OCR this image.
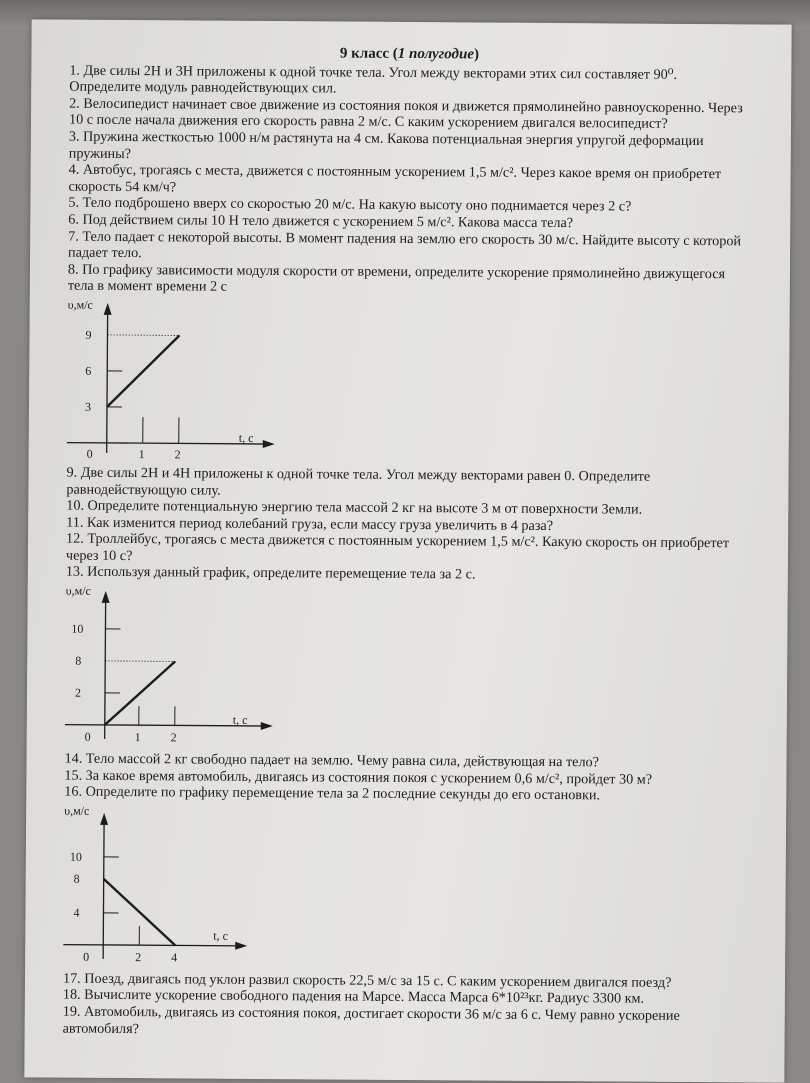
9 класс (1 полугодие)

1. Две силы 2Н и 3Н приложены к одной точке тела. Угол между векторами этих сил составляет 90⁰. Определите модуль равнодействующих сил.

2. Велосипедист начинает свое движение из состояния покоя и движется прямолинейно равноускоренно. Через 10 с после начала движения его скорость равна 2 м/с. С каким ускорением двигался велосипедист?

3. Пружина жесткостью 1000 н/м растянута на 4 см. Какова потенциальная энергия упругой деформации пружины?

4. Автобус, трогаясь с места, движется с постоянным ускорением 1,5 м/с². Через какое время он приобретет скорость 54 км/ч?

5. Тело подброшено вверх со скоростью 20 м/с. На какую высоту оно поднимается через 2 с?

6. Под действием силы 10 Н тело движется с ускорением 5 м/с². Какова масса тела?

7. Тело падает с некоторой высоты. В момент падения на землю его скорость 30 м/с. Найдите высоту с которой падает тело.

8. По графику зависимости модуля скорости от времени, определите ускорение прямолинейно движущегося тела в момент времени 2 с

υ,м/с
9
6
3
0	1 2
t, с

9. Две силы 2Н и 4Н приложены к одной точке тела. Угол между векторами равен 0. Определите равнодействующую силу.

10. Определите потенциальную энергию тела массой 2 кг на высоте 3 м от поверхности Земли.

11. Как изменится период колебаний груза, если массу груза увеличить в 4 раза?

12. Троллейбус, трогаясь с места движется с постоянным ускорением 1,5 м/с². Какую скорость он приобретет через 10 с?

13. Используя данный график, определите перемещение тела за 2 с.

υ,м/с
10
8
2
0	1 2
t, с

14. Тело массой 2 кг свободно падает на землю. Чему равна сила, действующая на тело?

15. За какое время автомобиль, двигаясь из состояния покоя с ускорением 0,6 м/с², пройдет 30 м?

16. Определите по графику перемещение тела за 2 последние секунды до его остановки.

υ,м/с
10
8
4
0	2 4
t, с

17. Поезд, двигаясь под уклон развил скорость 22,5 м/с за 15 с. С каким ускорением двигался поезд?

18. Вычислите ускорение свободного падения на Марсе. Масса Марса 6*10²³кг. Радиус 3300 км.

19. Автомобиль, двигаясь из состояния покоя, достигает скорости 36 м/с за 6 с. Чему равно ускорение автомобиля?
